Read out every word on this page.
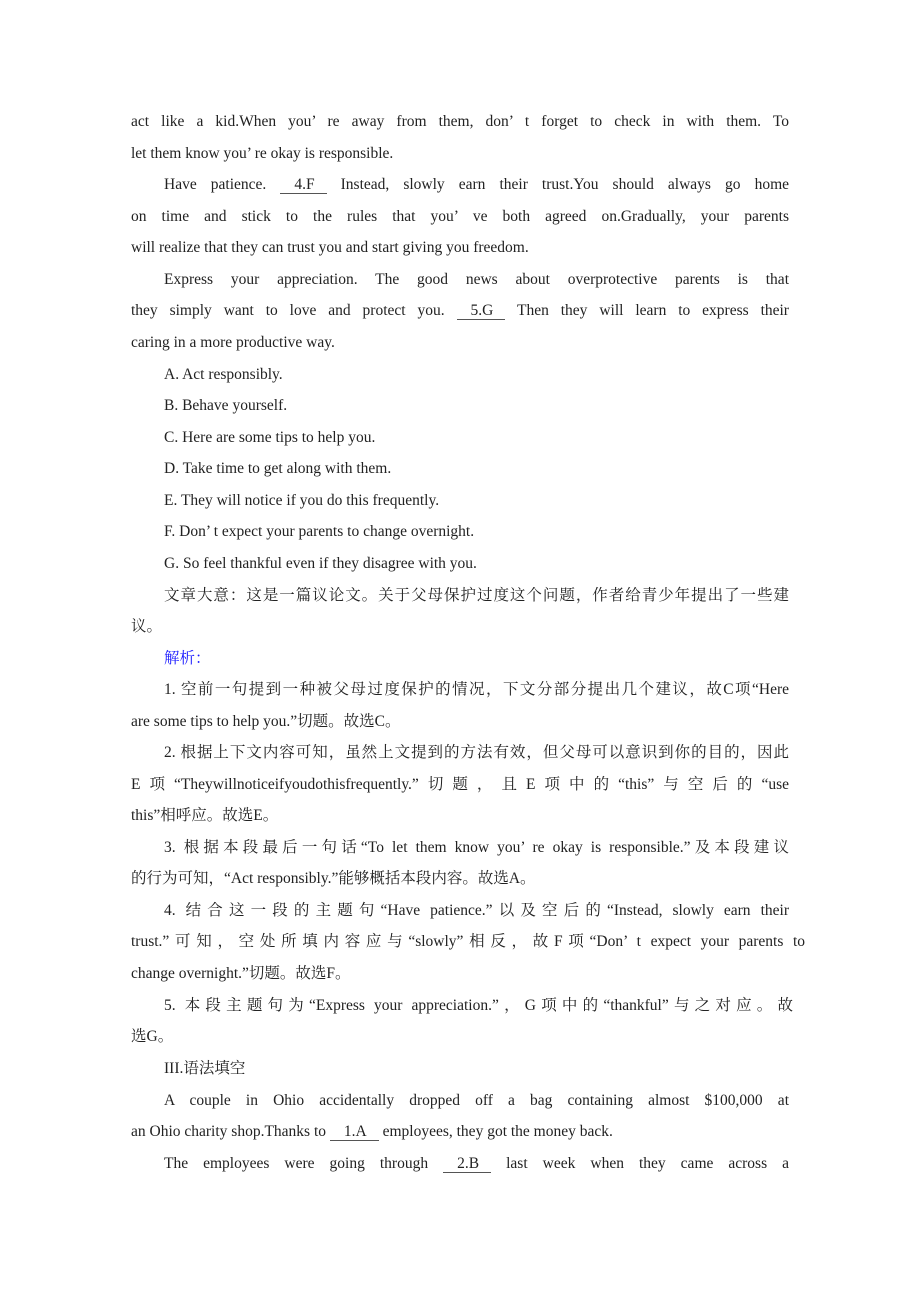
act like a kid.When you’ re away from them, don’ t forget to check in with them. To
let them know you’ re okay is responsible.
Have patience. 4.F Instead, slowly earn their trust.You should always go home
on time and stick to the rules that you’ ve both agreed on.Gradually, your parents
will realize that they can trust you and start giving you freedom.
Express your appreciation. The good news about overprotective parents is that
they simply want to love and protect you. 5.G Then they will learn to express their
caring in a more productive way.
A. Act responsibly.
B. Behave yourself.
C. Here are some tips to help you.
D. Take time to get along with them.
E. They will notice if you do this frequently.
F. Don’ t expect your parents to change overnight.
G. So feel thankful even if they disagree with you.
文章大意：这是一篇议论文。关于父母保护过度这个问题，作者给青少年提出了一些建
议。
解析：
1. 空前一句提到一种被父母过度保护的情况，下文分部分提出几个建议，故C项“Here
are some tips to help you.”切题。故选C。
2. 根据上下文内容可知，虽然上文提到的方法有效，但父母可以意识到你的目的，因此
E项“Theywillnoticeifyoudothisfrequently.”切题，且E项中的“this”与空后的“use
this”相呼应。故选E。
3. 根据本段最后一句话“To let them know you’ re okay is responsible.”及本段建议
的行为可知，“Act responsibly.”能够概括本段内容。故选A。
4. 结合这一段的主题句“Have patience.”以及空后的“Instead, slowly earn their
trust.”可知，空处所填内容应与“slowly”相反，故F项“Don’ t expect your parents to
change overnight.”切题。故选F。
5. 本段主题句为“Express your appreciation.”，G项中的“thankful”与之对应。故
选G。
III.语法填空
A couple in Ohio accidentally dropped off a bag containing almost $100,000 at
an Ohio charity shop.Thanks to 1.A employees, they got the money back.
The employees were going through 2.B last week when they came across a
